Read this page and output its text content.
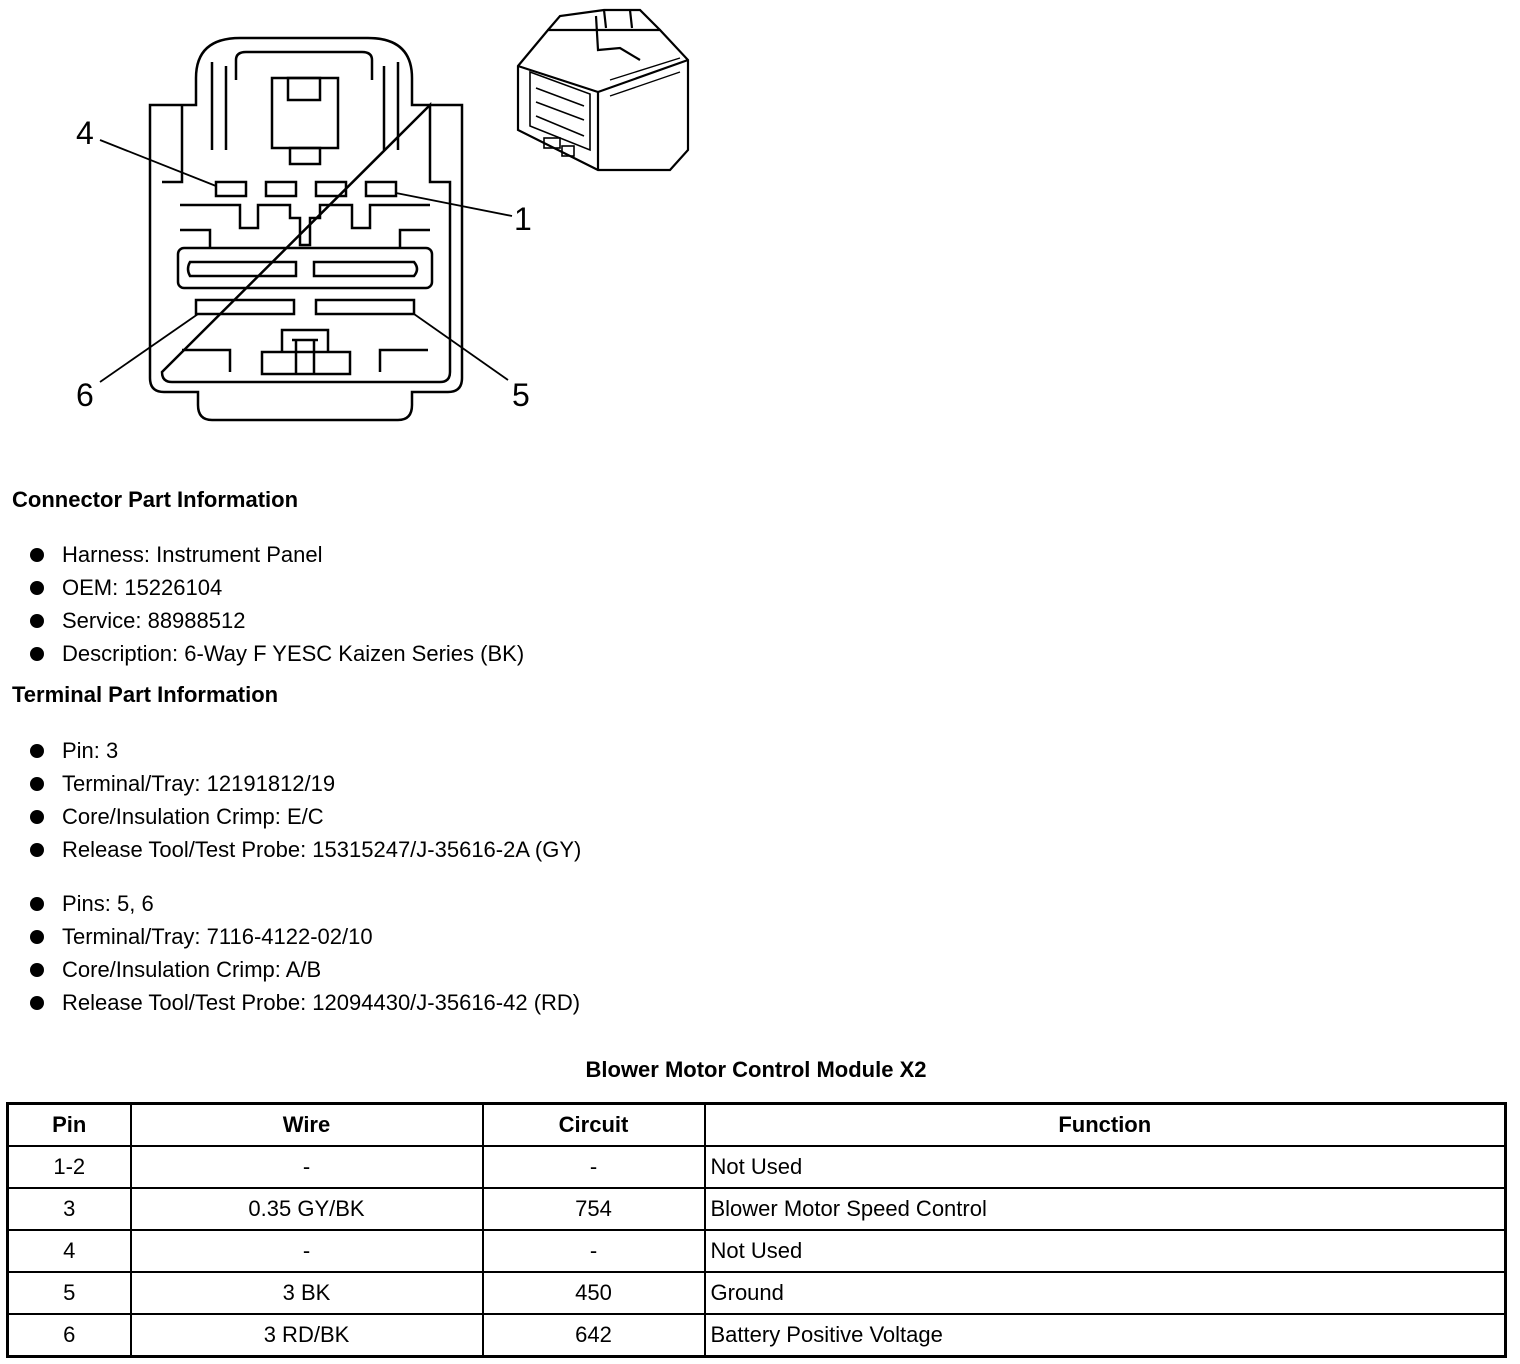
4
1
6	5
Connector Part Information
Harness: Instrument Panel
OEM: 15226104
Service: 88988512
Description: 6-Way F YESC Kaizen Series (BK)
Terminal Part Information
Pin: 3
Terminal/Tray: 12191812/19
Core/Insulation Crimp: E/C
Release Tool/Test Probe: 15315247/J-35616-2A (GY)
Pins: 5, 6
Terminal/Tray: 7116-4122-02/10
Core/Insulation Crimp: A/B
Release Tool/Test Probe: 12094430/J-35616-42 (RD)
Blower Motor Control Module X2
Pin	Wire	Circuit	Function
1-2	-	-	Not Used
3	0.35 GY/BK	754	Blower Motor Speed Control
4	-	-	Not Used
5	3 BK	450	Ground
6	3 RD/BK	642	Battery Positive Voltage
